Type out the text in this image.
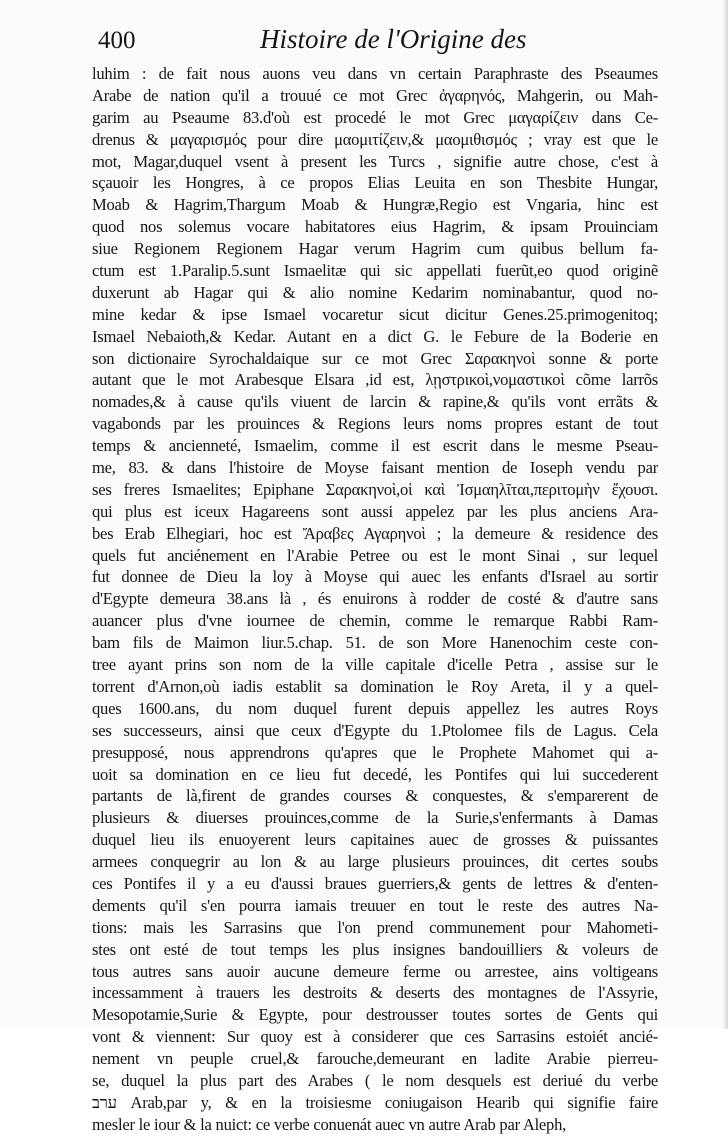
400	Histoire de l'Origine des
luhim : de fait nous auons veu dans vn certain Paraphraste des Pseaumes
Arabe de nation qu'il a trouué ce mot Grec ἀγαρηνός, Mahgerin, ou Mah-
garim au Pseaume 83.d'où est procedé le mot Grec μαγαρίζειν dans Ce-
drenus & μαγαρισμός pour dire μαομιτίζειν,& μαομιθισμός ; vray est que le
mot, Magar,duquel vsent à present les Turcs , signifie autre chose, c'est à
sçauoir les Hongres, à ce propos Elias Leuita en son Thesbite Hungar,
Moab & Hagrim,Thargum Moab & Hungræ,Regio est Vngaria, hinc est
quod nos solemus vocare habitatores eius Hagrim, & ipsam Prouinciam
siue Regionem Regionem Hagar verum Hagrim cum quibus bellum fa-
ctum est 1.Paralip.5.sunt Ismaelitæ qui sic appellati fuerũt,eo quod originẽ
duxerunt ab Hagar qui & alio nomine Kedarim nominabantur, quod no-
mine kedar & ipse Ismael vocaretur sicut dicitur Genes.25.primogenitoq;
Ismael Nebaioth,& Kedar. Autant en a dict G. le Febure de la Boderie en
son dictionaire Syrochaldaique sur ce mot Grec Σαρακηνοὶ sonne & porte
autant que le mot Arabesque Elsara ,id est, λῃστρικοὶ,νομαστικοὶ cõme larrõs
nomades,& à cause qu'ils viuent de larcin & rapine,& qu'ils vont errãts &
vagabonds par les prouinces & Regions leurs noms propres estant de tout
temps & ancienneté, Ismaelim, comme il est escrit dans le mesme Pseau-
me, 83. & dans l'histoire de Moyse faisant mention de Ioseph vendu par
ses freres Ismaelites; Epiphane Σαρακηνοὶ,οἱ καὶ Ἰσμαηλῖται,περιτομὴν ἔχουσι.
qui plus est iceux Hagareens sont aussi appelez par les plus anciens Ara-
bes Erab Elhegiari, hoc est Ἄραβες Αγαρηνοὶ ; la demeure & residence des
quels fut anciénement en l'Arabie Petree ou est le mont Sinai , sur lequel
fut donnee de Dieu la loy à Moyse qui auec les enfants d'Israel au sortir
d'Egypte demeura 38.ans là , és enuirons à rodder de costé & d'autre sans
auancer plus d'vne iournee de chemin, comme le remarque Rabbi Ram-
bam fils de Maimon liur.5.chap. 51. de son More Hanenochim ceste con-
tree ayant prins son nom de la ville capitale d'icelle Petra , assise sur le
torrent d'Arnon,où iadis establit sa domination le Roy Areta, il y a quel-
ques 1600.ans, du nom duquel furent depuis appellez les autres Roys
ses successeurs, ainsi que ceux d'Egypte du 1.Ptolomee fils de Lagus. Cela
presupposé, nous apprendrons qu'apres que le Prophete Mahomet qui a-
uoit sa domination en ce lieu fut decedé, les Pontifes qui lui succederent
partants de là,firent de grandes courses & conquestes, & s'emparerent de
plusieurs & diuerses prouinces,comme de la Surie,s'enfermants à Damas
duquel lieu ils enuoyerent leurs capitaines auec de grosses & puissantes
armees conquegrir au lon & au large plusieurs prouinces, dit certes soubs
ces Pontifes il y a eu d'aussi braues guerriers,& gents de lettres & d'enten-
dements qu'il s'en pourra iamais treuuer en tout le reste des autres Na-
tions: mais les Sarrasins que l'on prend communement pour Mahometi-
stes ont esté de tout temps les plus insignes bandouilliers & voleurs de
tous autres sans auoir aucune demeure ferme ou arrestee, ains voltigeans
incessamment à trauers les destroits & deserts des montagnes de l'Assyrie,
Mesopotamie,Surie & Egypte, pour destrousser toutes sortes de Gents qui
vont & viennent: Sur quoy est à considerer que ces Sarrasins estoiét ancié-
nement vn peuple cruel,& farouche,demeurant en ladite Arabie pierreu-
se, duquel la plus part des Arabes ( le nom desquels est deriué du verbe
ערב Arab,par y, & en la troisiesme coniugaison Hearib qui signifie faire
mesler le iour & la nuict: ce verbe conuenát auec vn autre Arab par Aleph,
